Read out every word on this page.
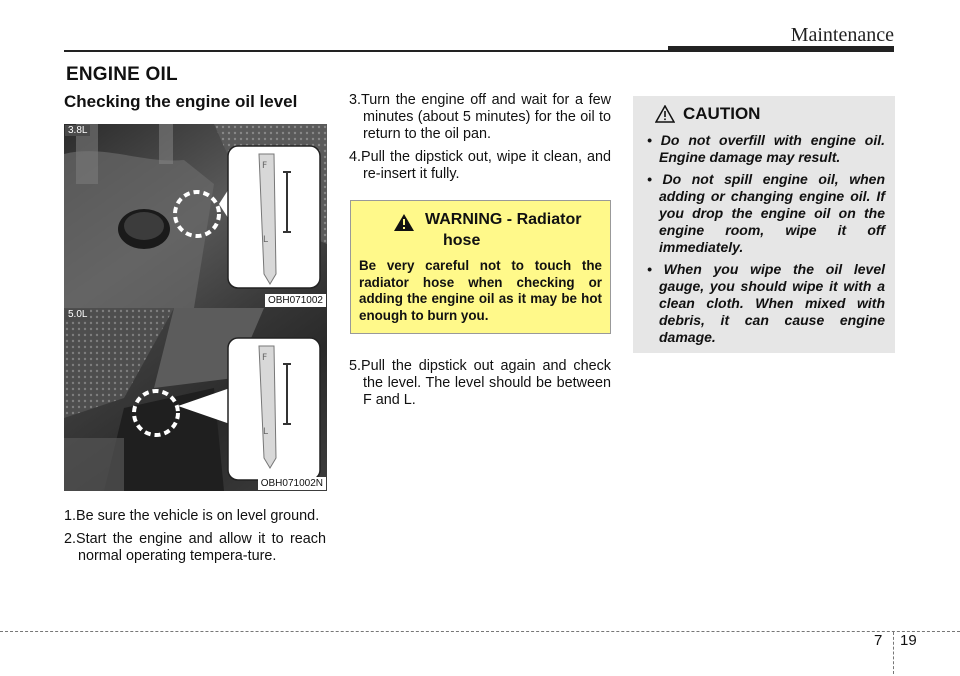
Maintenance
ENGINE OIL
Checking the engine oil level
F
L
3.8L
OBH071002
F
L
5.0L
OBH071002N

1.Be sure the vehicle is on level ground.

2.Start the engine and allow it to reach normal operating tempera-ture.

3.Turn the engine off and wait for a few minutes (about 5 minutes) for the oil to return to the oil pan.

4.Pull the dipstick out, wipe it clean, and re-insert it fully.

WARNING - Radiator
hose

Be very careful not to touch the radiator hose when checking or adding the engine oil as it may be hot enough to burn you.

5.Pull the dipstick out again and check the level. The level should be between F and L.

CAUTION
• Do not overfill with engine oil. Engine damage may result.
• Do not spill engine oil, when adding or changing engine oil. If you drop the engine oil on the engine room, wipe it off immediately.
• When you wipe the oil level gauge, you should wipe it with a clean cloth. When mixed with debris, it can cause engine damage.
7 19
